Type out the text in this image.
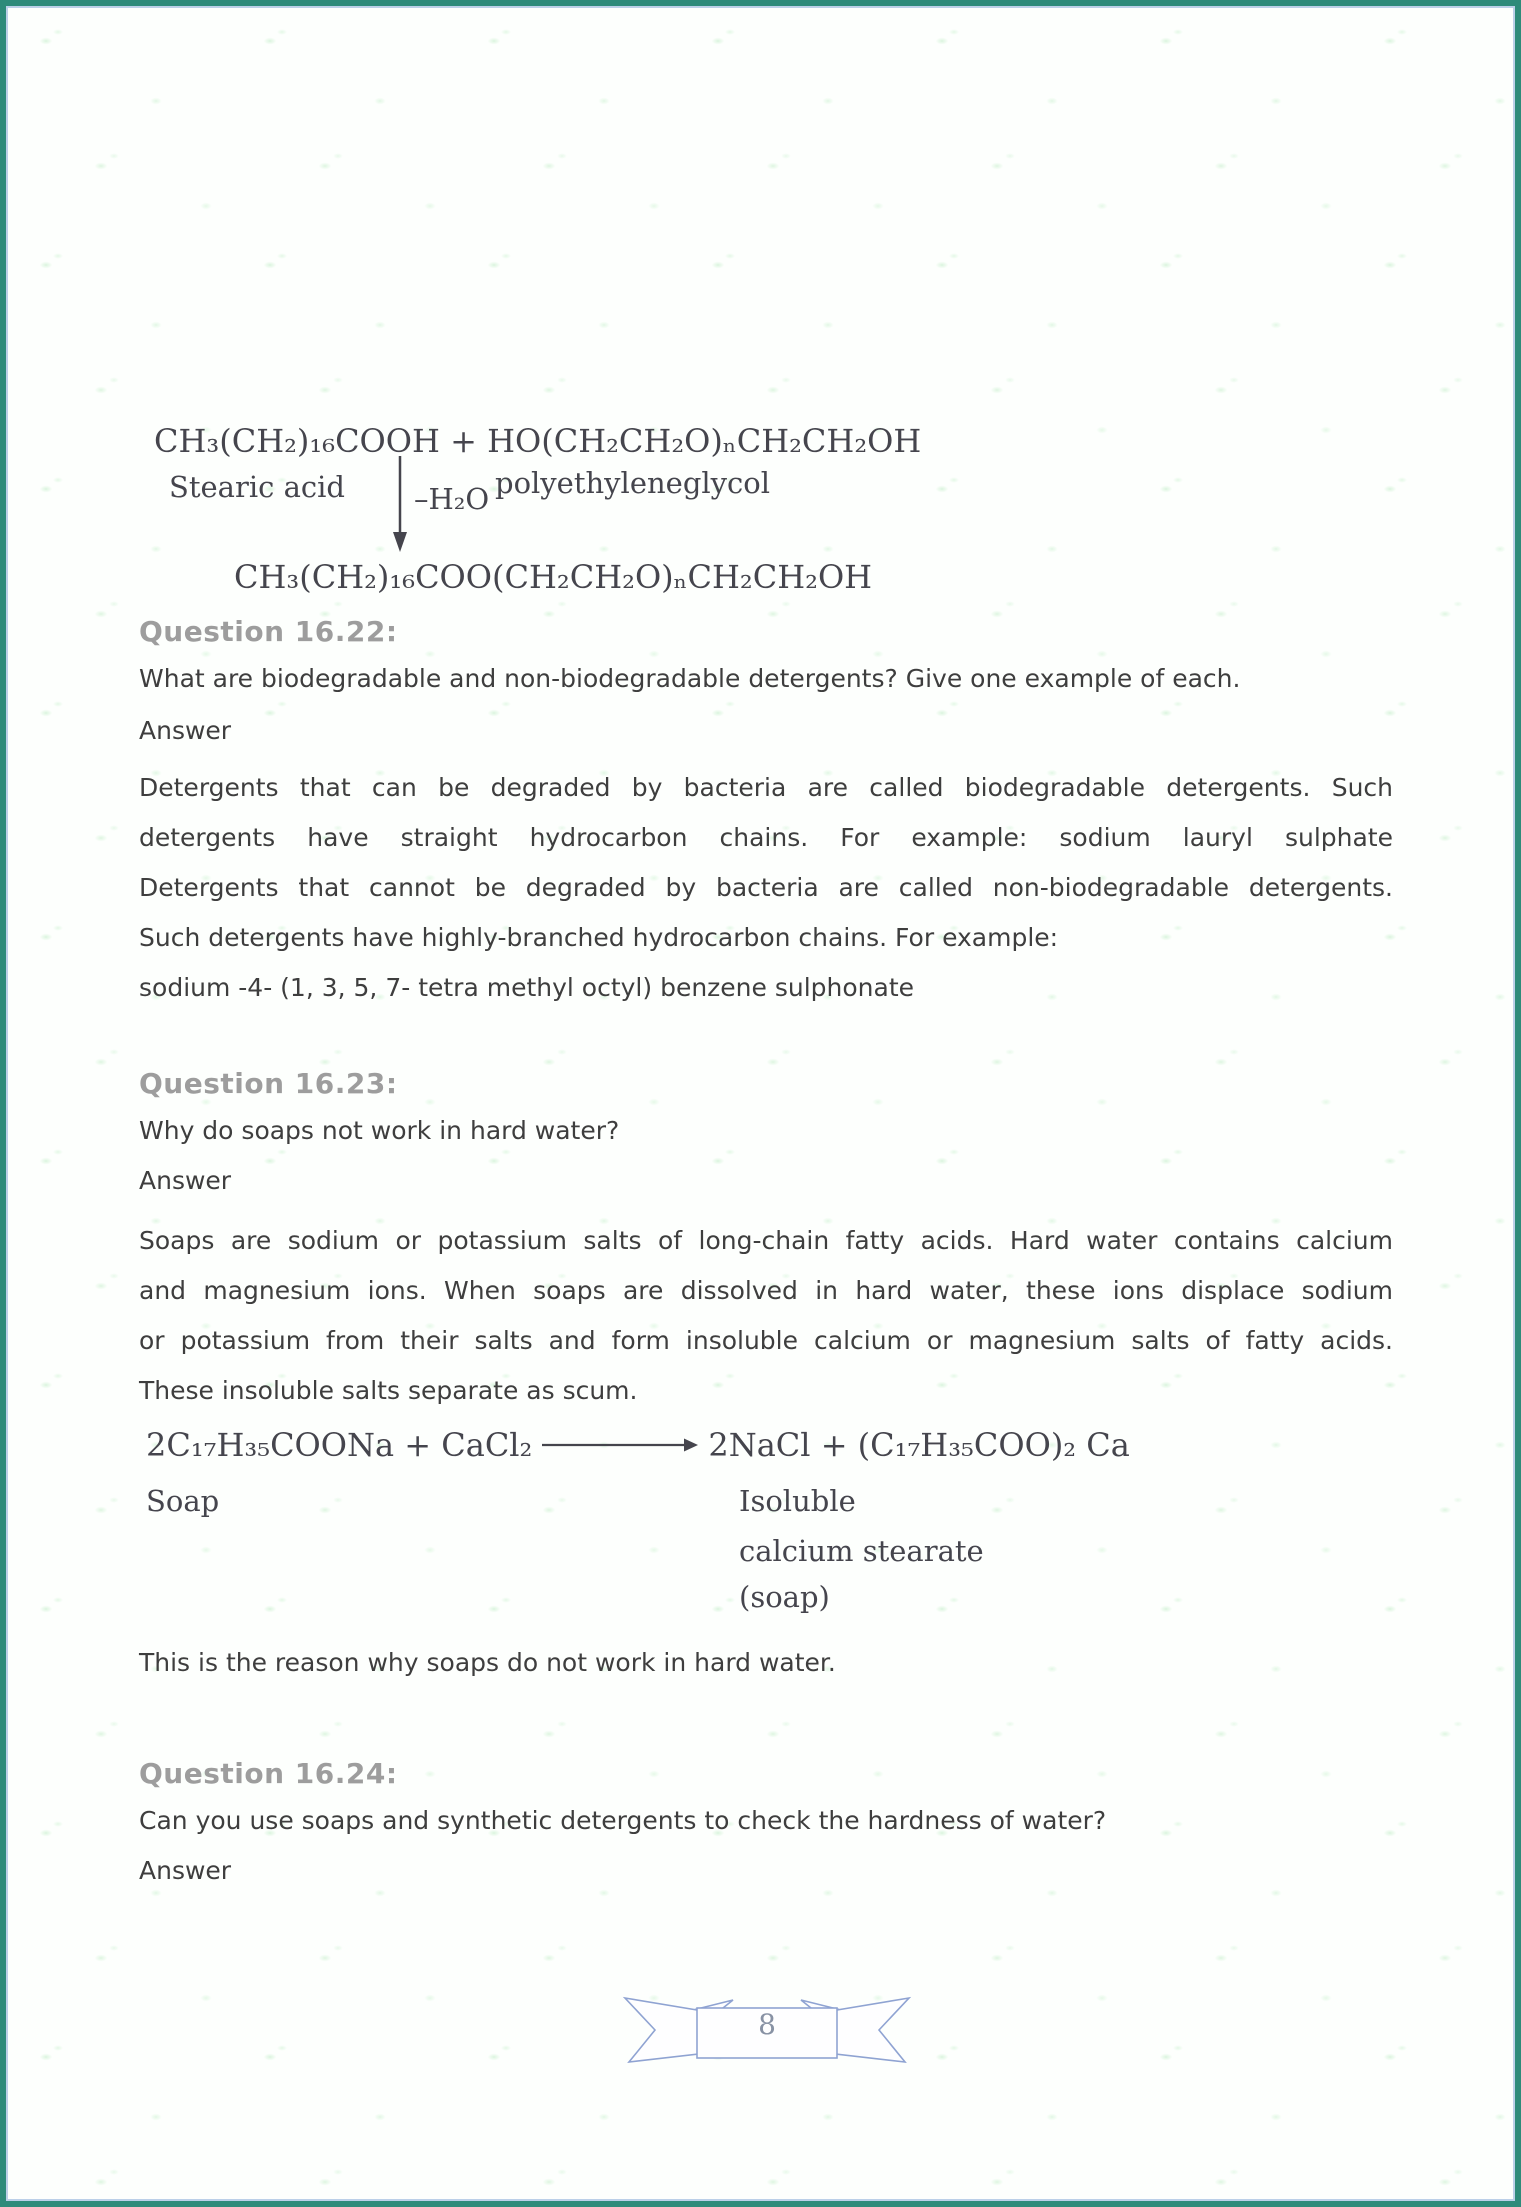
CH₃(CH₂)₁₆COOH + HO(CH₂CH₂O)ₙCH₂CH₂OH
Stearic acid	polyethyleneglycol
–H₂O
CH₃(CH₂)₁₆COO(CH₂CH₂O)ₙCH₂CH₂OH
Question 16.22:
What are biodegradable and non-biodegradable detergents? Give one example of each.
Answer
Detergents that can be degraded by bacteria are called biodegradable detergents. Such
detergents have straight hydrocarbon chains. For example: sodium lauryl sulphate
Detergents that cannot be degraded by bacteria are called non-biodegradable detergents.
Such detergents have highly-branched hydrocarbon chains. For example:
sodium -4- (1, 3, 5, 7- tetra methyl octyl) benzene sulphonate
Question 16.23:
Why do soaps not work in hard water?
Answer
Soaps are sodium or potassium salts of long-chain fatty acids. Hard water contains calcium
and magnesium ions. When soaps are dissolved in hard water, these ions displace sodium
or potassium from their salts and form insoluble calcium or magnesium salts of fatty acids.
These insoluble salts separate as scum.
2C₁₇H₃₅COONa + CaCl₂	2NaCl + (C₁₇H₃₅COO)₂ Ca
Soap	Isoluble
calcium stearate
(soap)
This is the reason why soaps do not work in hard water.
Question 16.24:
Can you use soaps and synthetic detergents to check the hardness of water?
Answer
8
